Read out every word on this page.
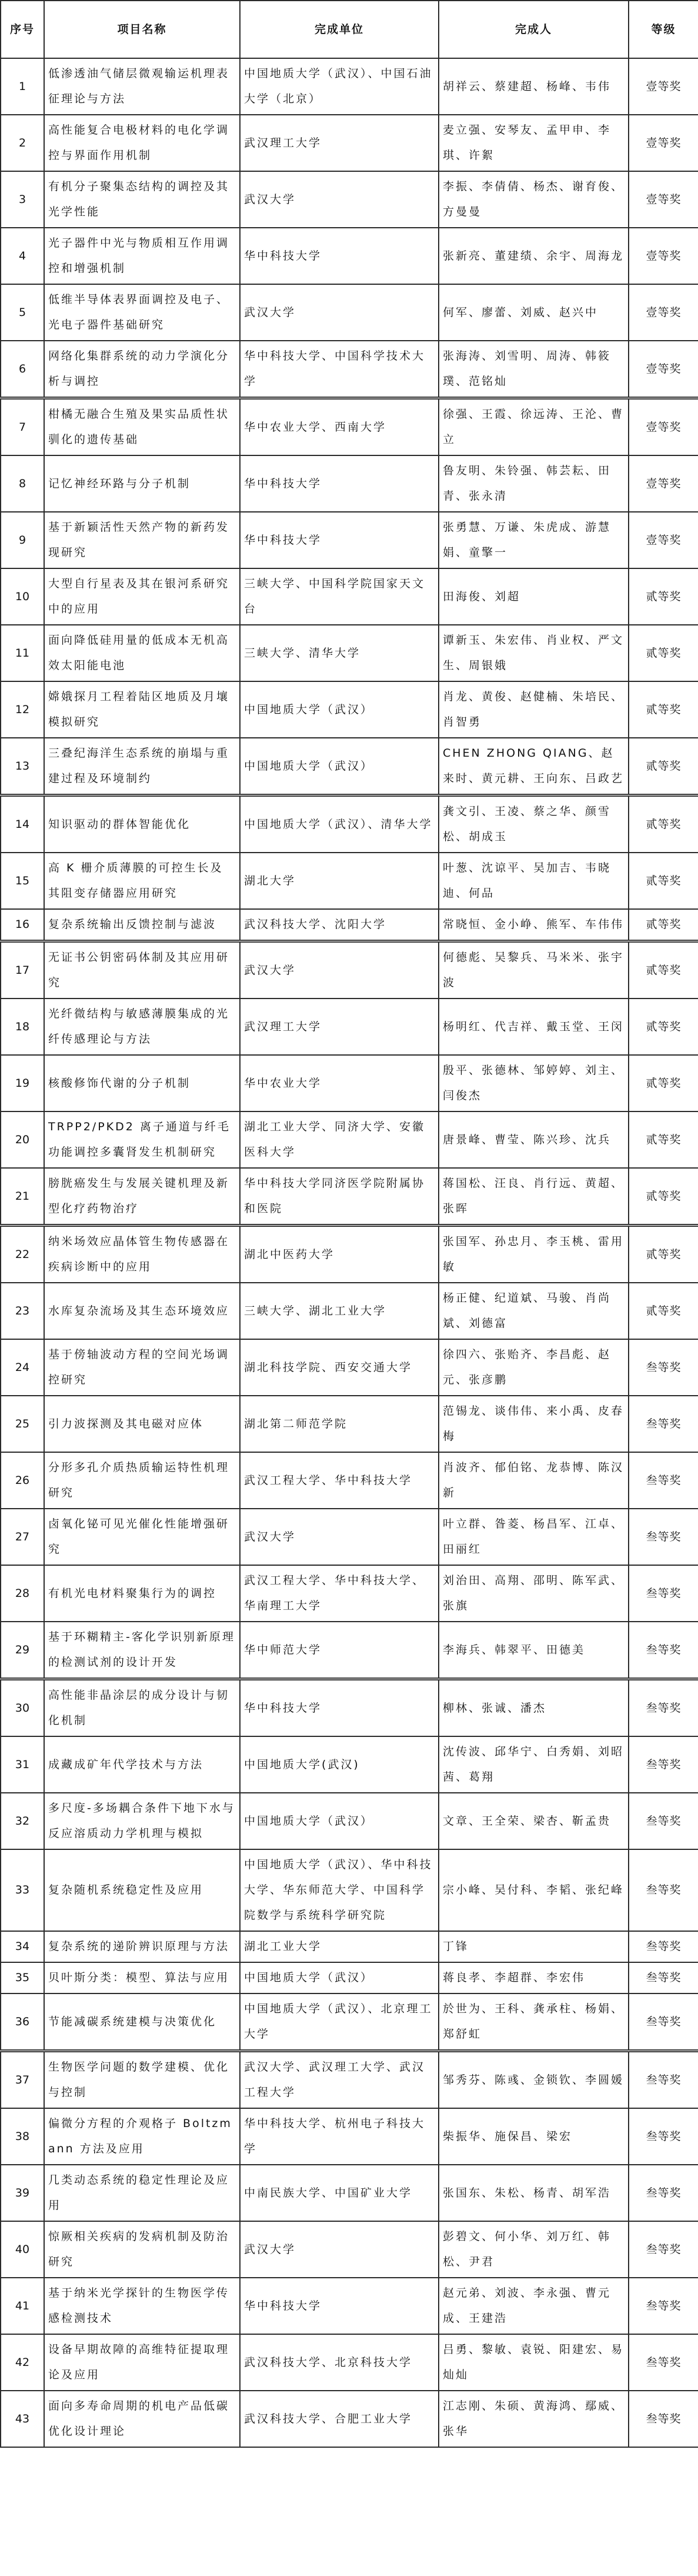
序号	项目名称	完成单位	完成人	等级
1	低渗透油气储层微观输运机理表征理论与方法	中国地质大学（武汉）、中国石油大学（北京）	胡祥云、蔡建超、杨峰、韦伟	壹等奖
2	高性能复合电极材料的电化学调控与界面作用机制	武汉理工大学	麦立强、安琴友、孟甲申、李琪、许絮	壹等奖
3	有机分子聚集态结构的调控及其光学性能	武汉大学	李振、李倩倩、杨杰、谢育俊、方曼曼	壹等奖
4	光子器件中光与物质相互作用调控和增强机制	华中科技大学	张新亮、董建绩、余宇、周海龙	壹等奖
5	低维半导体表界面调控及电子、光电子器件基础研究	武汉大学	何军、廖蕾、刘威、赵兴中	壹等奖
6	网络化集群系统的动力学演化分析与调控	华中科技大学、中国科学技术大学	张海涛、刘雪明、周涛、韩筱璞、范铭灿	壹等奖
7	柑橘无融合生殖及果实品质性状驯化的遗传基础	华中农业大学、西南大学	徐强、王霞、徐远涛、王沦、曹立	壹等奖
8	记忆神经环路与分子机制	华中科技大学	鲁友明、朱铃强、韩芸耘、田青、张永清	壹等奖
9	基于新颖活性天然产物的新药发现研究	华中科技大学	张勇慧、万谦、朱虎成、游慧娟、童擎一	壹等奖
10	大型自行星表及其在银河系研究中的应用	三峡大学、中国科学院国家天文台	田海俊、刘超	贰等奖
11	面向降低硅用量的低成本无机高效太阳能电池	三峡大学、清华大学	谭新玉、朱宏伟、肖业权、严文生、周银娥	贰等奖
12	嫦娥探月工程着陆区地质及月壤模拟研究	中国地质大学（武汉）	肖龙、黄俊、赵健楠、朱培民、肖智勇	贰等奖
13	三叠纪海洋生态系统的崩塌与重建过程及环境制约	中国地质大学（武汉）	CHEN ZHONG QIANG、赵来时、黄元耕、王向东、吕政艺	贰等奖
14	知识驱动的群体智能优化	中国地质大学（武汉）、清华大学	龚文引、王凌、蔡之华、颜雪松、胡成玉	贰等奖
15	高 K 栅介质薄膜的可控生长及其阻变存储器应用研究	湖北大学	叶葱、沈谅平、吴加吉、韦晓迪、何品	贰等奖
16	复杂系统输出反馈控制与滤波	武汉科技大学、沈阳大学	常晓恒、金小峥、熊军、车伟伟	贰等奖
17	无证书公钥密码体制及其应用研究	武汉大学	何德彪、吴黎兵、马米米、张宇波	贰等奖
18	光纤微结构与敏感薄膜集成的光纤传感理论与方法	武汉理工大学	杨明红、代吉祥、戴玉堂、王闵	贰等奖
19	核酸修饰代谢的分子机制	华中农业大学	殷平、张德林、邹婷婷、刘主、闫俊杰	贰等奖
20	TRPP2/PKD2 离子通道与纤毛功能调控多囊肾发生机制研究	湖北工业大学、同济大学、安徽医科大学	唐景峰、曹莹、陈兴珍、沈兵	贰等奖
21	膀胱癌发生与发展关键机理及新型化疗药物治疗	华中科技大学同济医学院附属协和医院	蒋国松、汪良、肖行远、黄超、张晖	贰等奖
22	纳米场效应晶体管生物传感器在疾病诊断中的应用	湖北中医药大学	张国军、孙忠月、李玉桃、雷用敏	贰等奖
23	水库复杂流场及其生态环境效应	三峡大学、湖北工业大学	杨正健、纪道斌、马骏、肖尚斌、刘德富	贰等奖
24	基于傍轴波动方程的空间光场调控研究	湖北科技学院、西安交通大学	徐四六、张贻齐、李昌彪、赵元、张彦鹏	叁等奖
25	引力波探测及其电磁对应体	湖北第二师范学院	范锡龙、谈伟伟、来小禹、皮春梅	叁等奖
26	分形多孔介质热质输运特性机理研究	武汉工程大学、华中科技大学	肖波齐、郁伯铭、龙恭博、陈汉新	叁等奖
27	卤氧化铋可见光催化性能增强研究	武汉大学	叶立群、昝菱、杨昌军、江卓、田丽红	叁等奖
28	有机光电材料聚集行为的调控	武汉工程大学、华中科技大学、华南理工大学	刘治田、高翔、邵明、陈军武、张旗	叁等奖
29	基于环糊精主-客化学识别新原理的检测试剂的设计开发	华中师范大学	李海兵、韩翠平、田德美	叁等奖
30	高性能非晶涂层的成分设计与韧化机制	华中科技大学	柳林、张诚、潘杰	叁等奖
31	成藏成矿年代学技术与方法	中国地质大学(武汉)	沈传波、邱华宁、白秀娟、刘昭茜、葛翔	叁等奖
32	多尺度-多场耦合条件下地下水与反应溶质动力学机理与模拟	中国地质大学（武汉）	文章、王全荣、梁杏、靳孟贵	叁等奖
33	复杂随机系统稳定性及应用	中国地质大学（武汉）、华中科技大学、华东师范大学、中国科学院数学与系统科学研究院	宗小峰、吴付科、李韬、张纪峰	叁等奖
34	复杂系统的递阶辨识原理与方法	湖北工业大学	丁锋	叁等奖
35	贝叶斯分类：模型、算法与应用	中国地质大学（武汉）	蒋良孝、李超群、李宏伟	叁等奖
36	节能减碳系统建模与决策优化	中国地质大学（武汉）、北京理工大学	於世为、王科、龚承柱、杨娟、郑舒虹	叁等奖
37	生物医学问题的数学建模、优化与控制	武汉大学、武汉理工大学、武汉工程大学	邹秀芬、陈彧、金锁钦、李圆媛	叁等奖
38	偏微分方程的介观格子 Boltzmann 方法及应用	华中科技大学、杭州电子科技大学	柴振华、施保昌、梁宏	叁等奖
39	几类动态系统的稳定性理论及应用	中南民族大学、中国矿业大学	张国东、朱松、杨青、胡军浩	叁等奖
40	惊厥相关疾病的发病机制及防治研究	武汉大学	彭碧文、何小华、刘万红、韩松、尹君	叁等奖
41	基于纳米光学探针的生物医学传感检测技术	华中科技大学	赵元弟、刘波、李永强、曹元成、王建浩	叁等奖
42	设备早期故障的高维特征提取理论及应用	武汉科技大学、北京科技大学	吕勇、黎敏、袁锐、阳建宏、易灿灿	叁等奖
43	面向多寿命周期的机电产品低碳优化设计理论	武汉科技大学、合肥工业大学	江志刚、朱硕、黄海鸿、鄢威、张华	叁等奖
